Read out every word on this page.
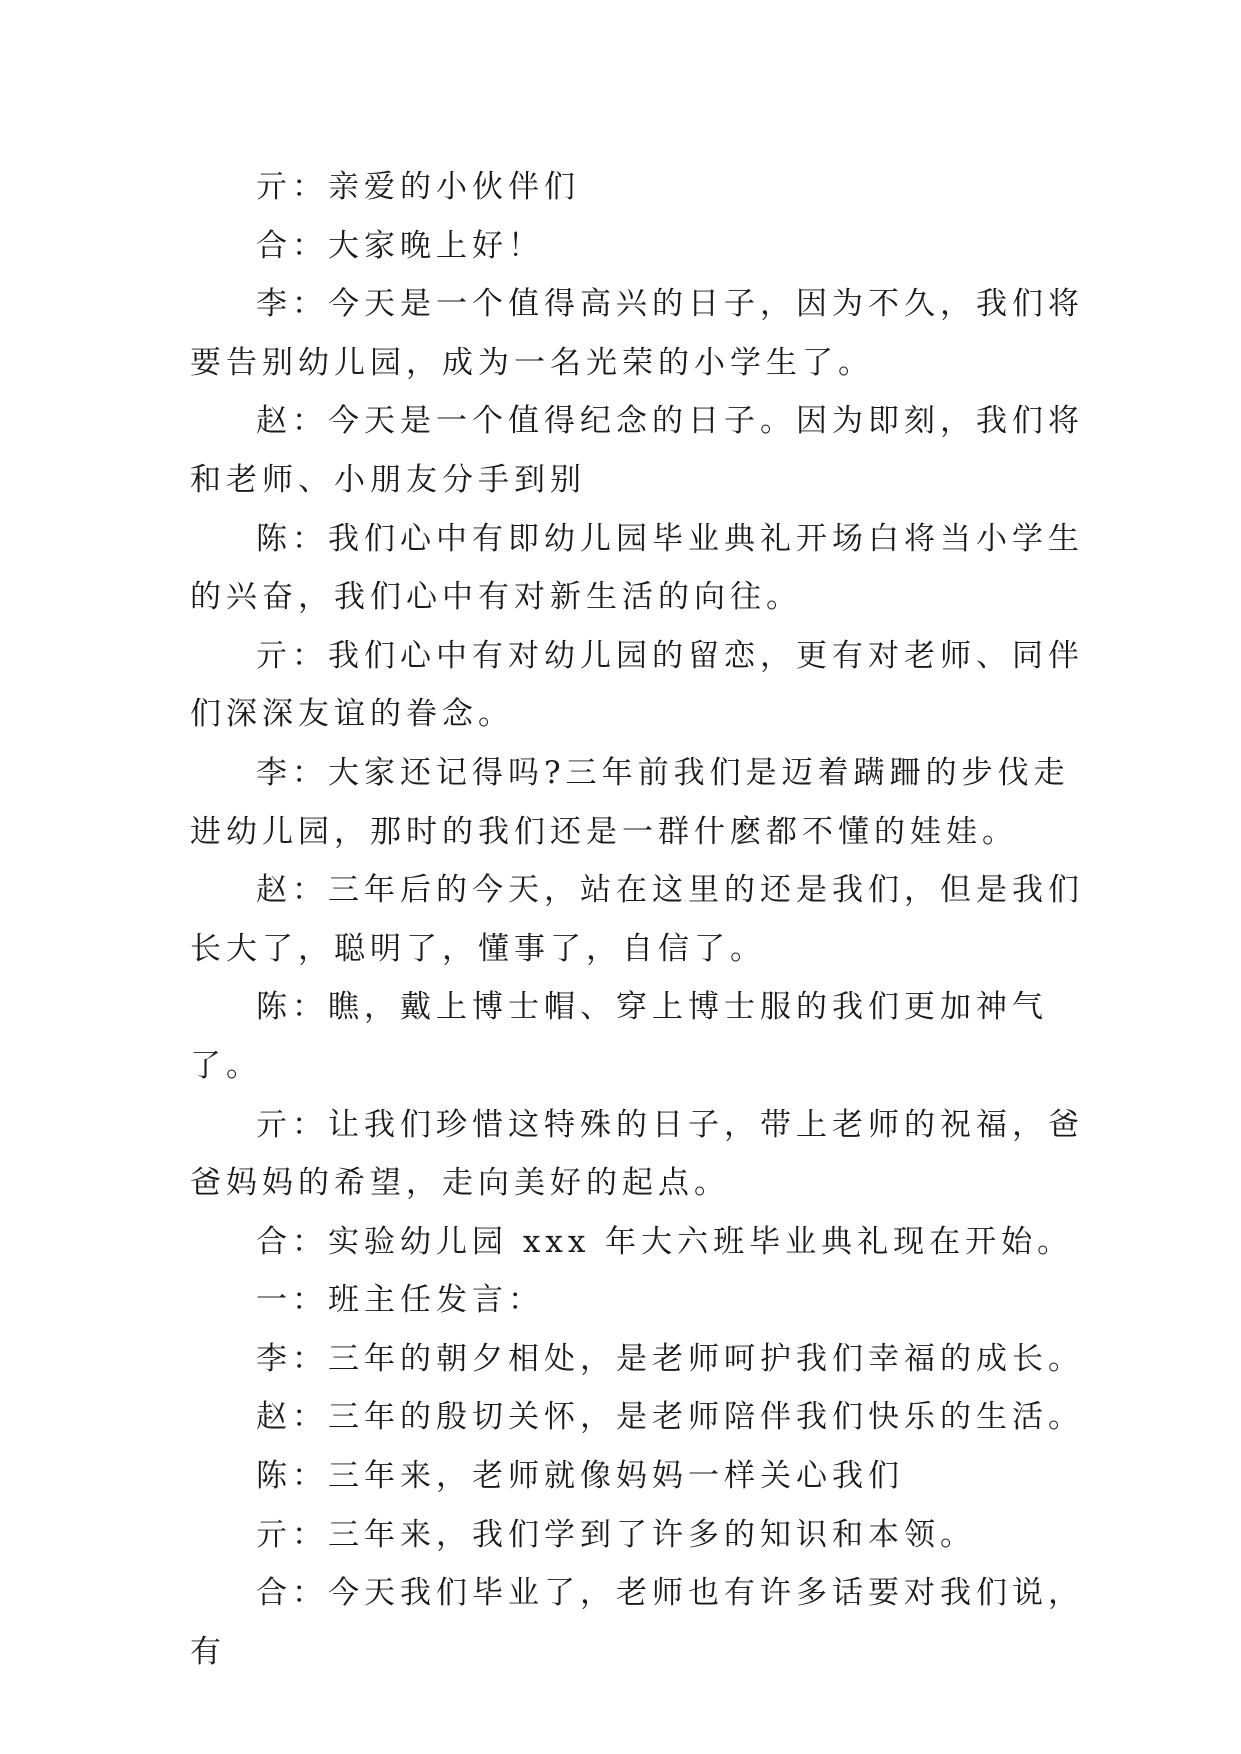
亓：亲爱的小伙伴们

合：大家晚上好！

李：今天是一个值得高兴的日子，因为不久，我们将要告别幼儿园，成为一名光荣的小学生了。

赵：今天是一个值得纪念的日子。因为即刻，我们将和老师、小朋友分手到别

陈：我们心中有即幼儿园毕业典礼开场白将当小学生的兴奋，我们心中有对新生活的向往。

亓：我们心中有对幼儿园的留恋，更有对老师、同伴们深深友谊的眷念。

李：大家还记得吗?三年前我们是迈着蹒跚的步伐走进幼儿园，那时的我们还是一群什麽都不懂的娃娃。

赵：三年后的今天，站在这里的还是我们，但是我们长大了，聪明了，懂事了，自信了。

陈：瞧，戴上博士帽、穿上博士服的我们更加神气了。

亓：让我们珍惜这特殊的日子，带上老师的祝福，爸爸妈妈的希望，走向美好的起点。

合：实验幼儿园 xxx 年大六班毕业典礼现在开始。

一：班主任发言：

李：三年的朝夕相处，是老师呵护我们幸福的成长。

赵：三年的殷切关怀，是老师陪伴我们快乐的生活。

陈：三年来，老师就像妈妈一样关心我们

亓：三年来，我们学到了许多的知识和本领。

合：今天我们毕业了，老师也有许多话要对我们说，有
